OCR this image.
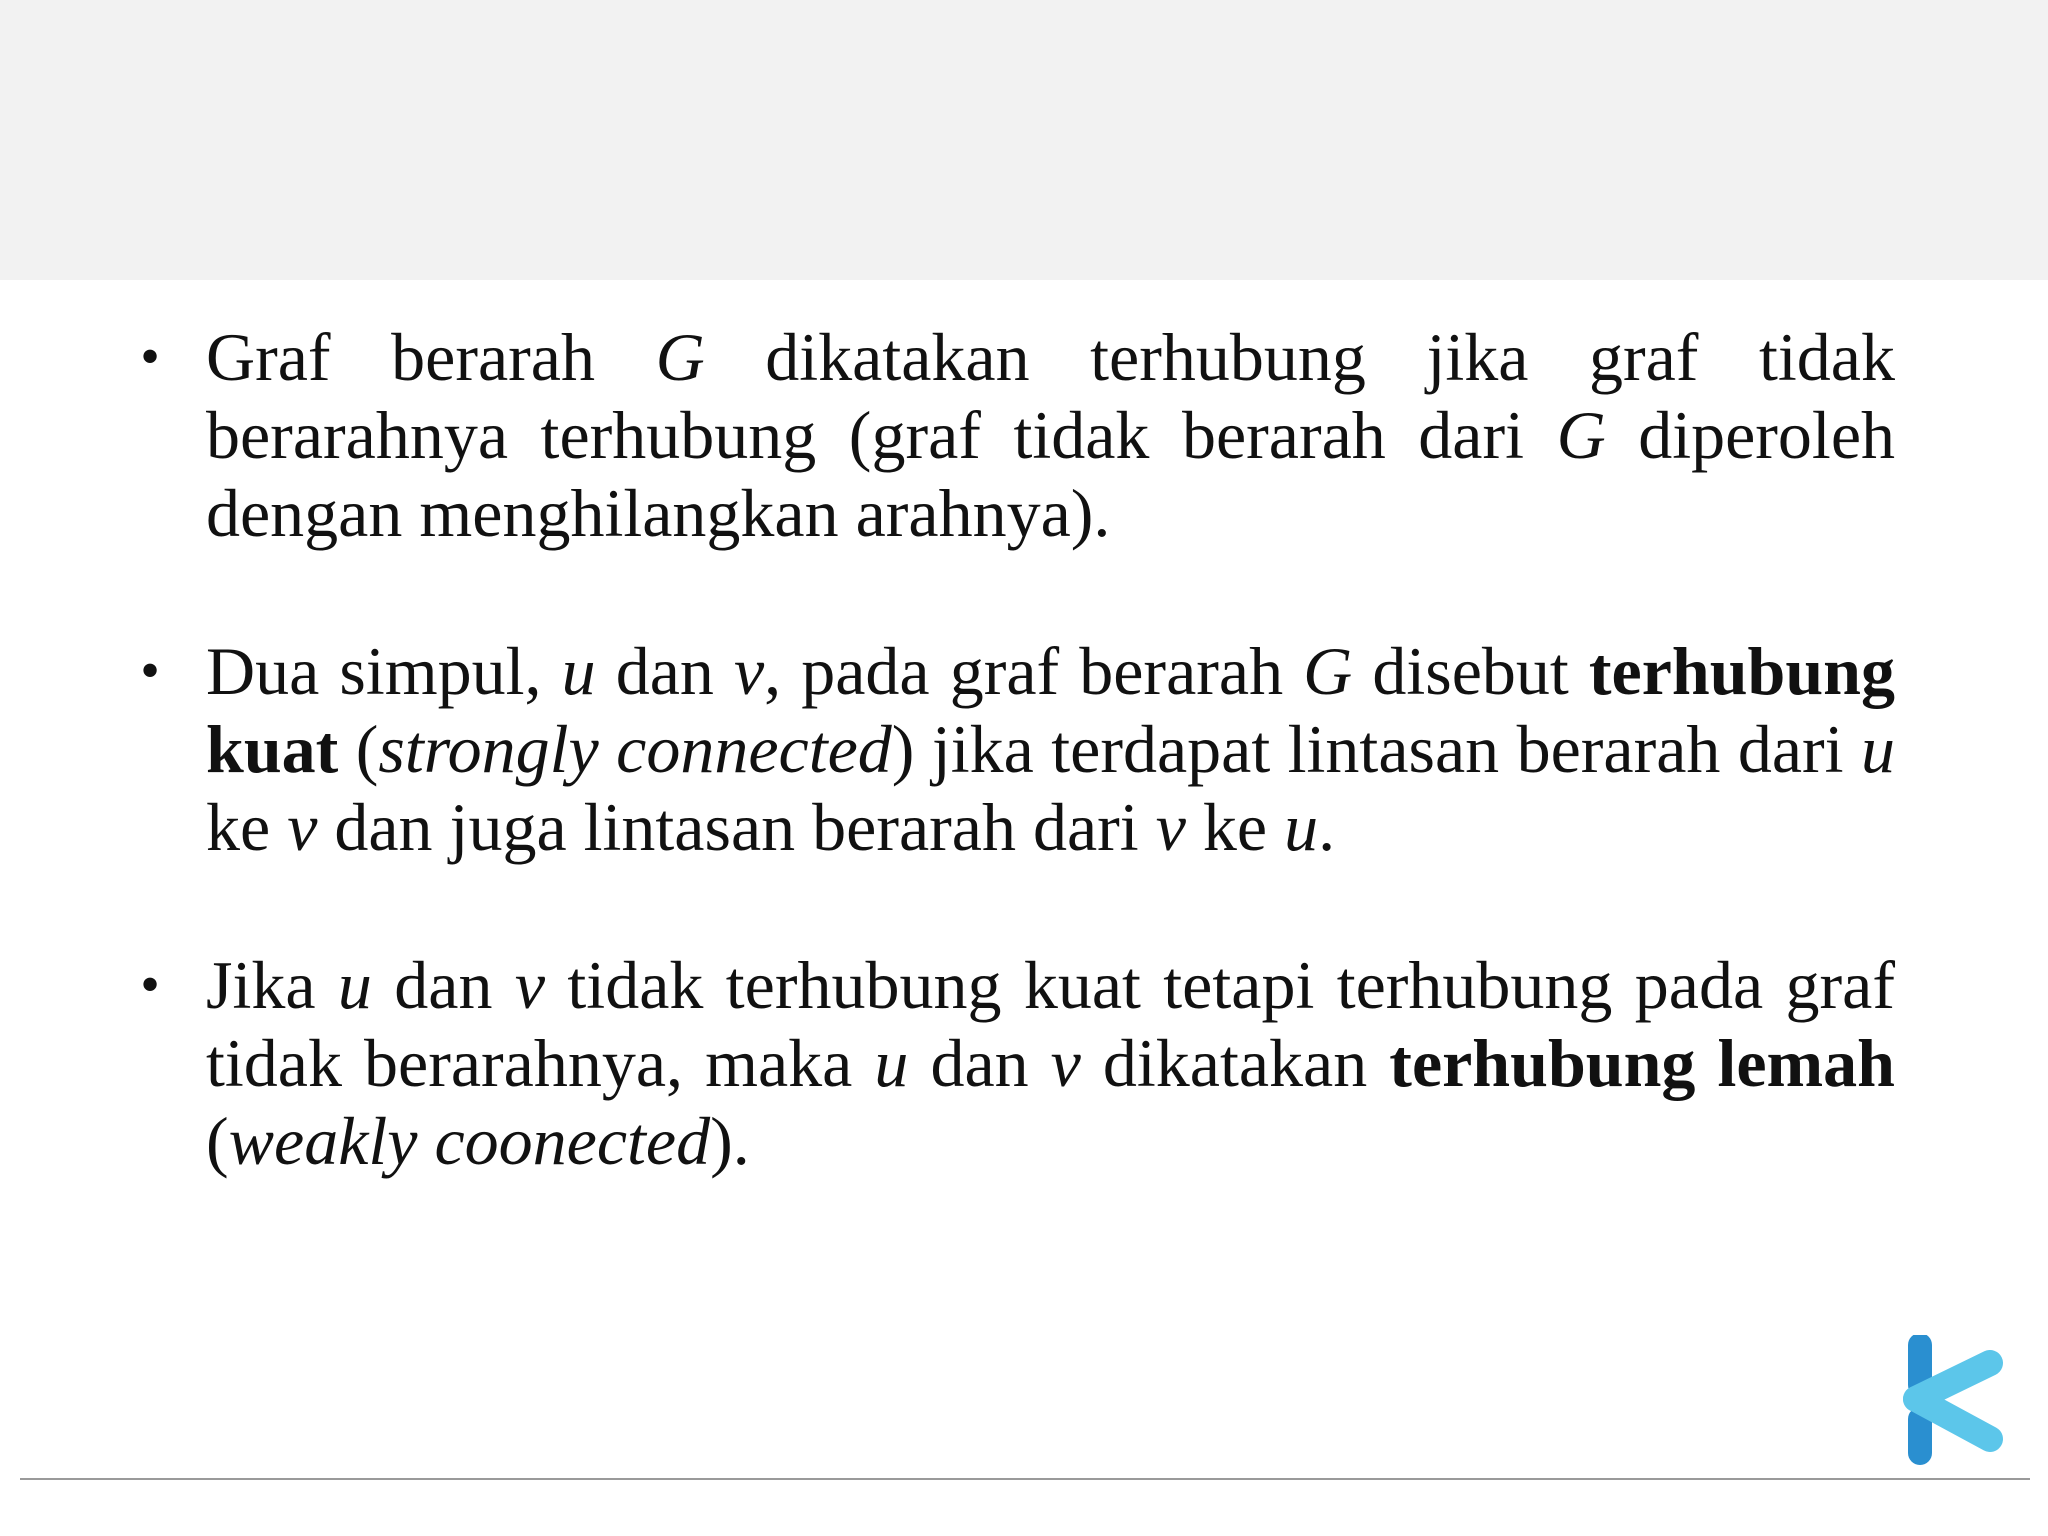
• Graf berarah G dikatakan terhubung jika graf tidak berarahnya terhubung (graf tidak berarah dari G diperoleh dengan menghilangkan arahnya).
• Dua simpul, u dan v, pada graf berarah G disebut terhubung kuat (strongly connected) jika terdapat lintasan berarah dari u ke v dan juga lintasan berarah dari v ke u.
• Jika u dan v tidak terhubung kuat tetapi terhubung pada graf tidak berarahnya, maka u dan v dikatakan terhubung lemah (weakly coonected).
